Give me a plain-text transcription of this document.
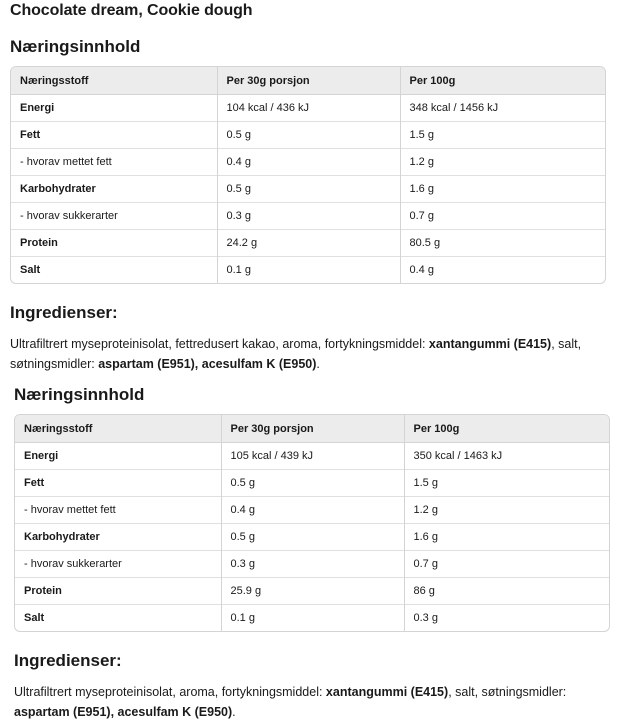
Chocolate dream, Cookie dough
Næringsinnhold
Næringsstoff	Per 30g porsjon	Per 100g
Energi	104 kcal / 436 kJ	348 kcal / 1456 kJ
Fett	0.5 g	1.5 g
- hvorav mettet fett	0.4 g	1.2 g
Karbohydrater	0.5 g	1.6 g
- hvorav sukkerarter	0.3 g	0.7 g
Protein	24.2 g	80.5 g
Salt	0.1 g	0.4 g
Ingredienser:
Ultrafiltrert myseproteinisolat, fettredusert kakao, aroma, fortykningsmiddel: xantangummi (E415), salt, søtningsmidler: aspartam (E951), acesulfam K (E950).
Næringsinnhold
Næringsstoff	Per 30g porsjon	Per 100g
Energi	105 kcal / 439 kJ	350 kcal / 1463 kJ
Fett	0.5 g	1.5 g
- hvorav mettet fett	0.4 g	1.2 g
Karbohydrater	0.5 g	1.6 g
- hvorav sukkerarter	0.3 g	0.7 g
Protein	25.9 g	86 g
Salt	0.1 g	0.3 g
Ingredienser:
Ultrafiltrert myseproteinisolat, aroma, fortykningsmiddel: xantangummi (E415), salt, søtningsmidler: aspartam (E951), acesulfam K (E950).
